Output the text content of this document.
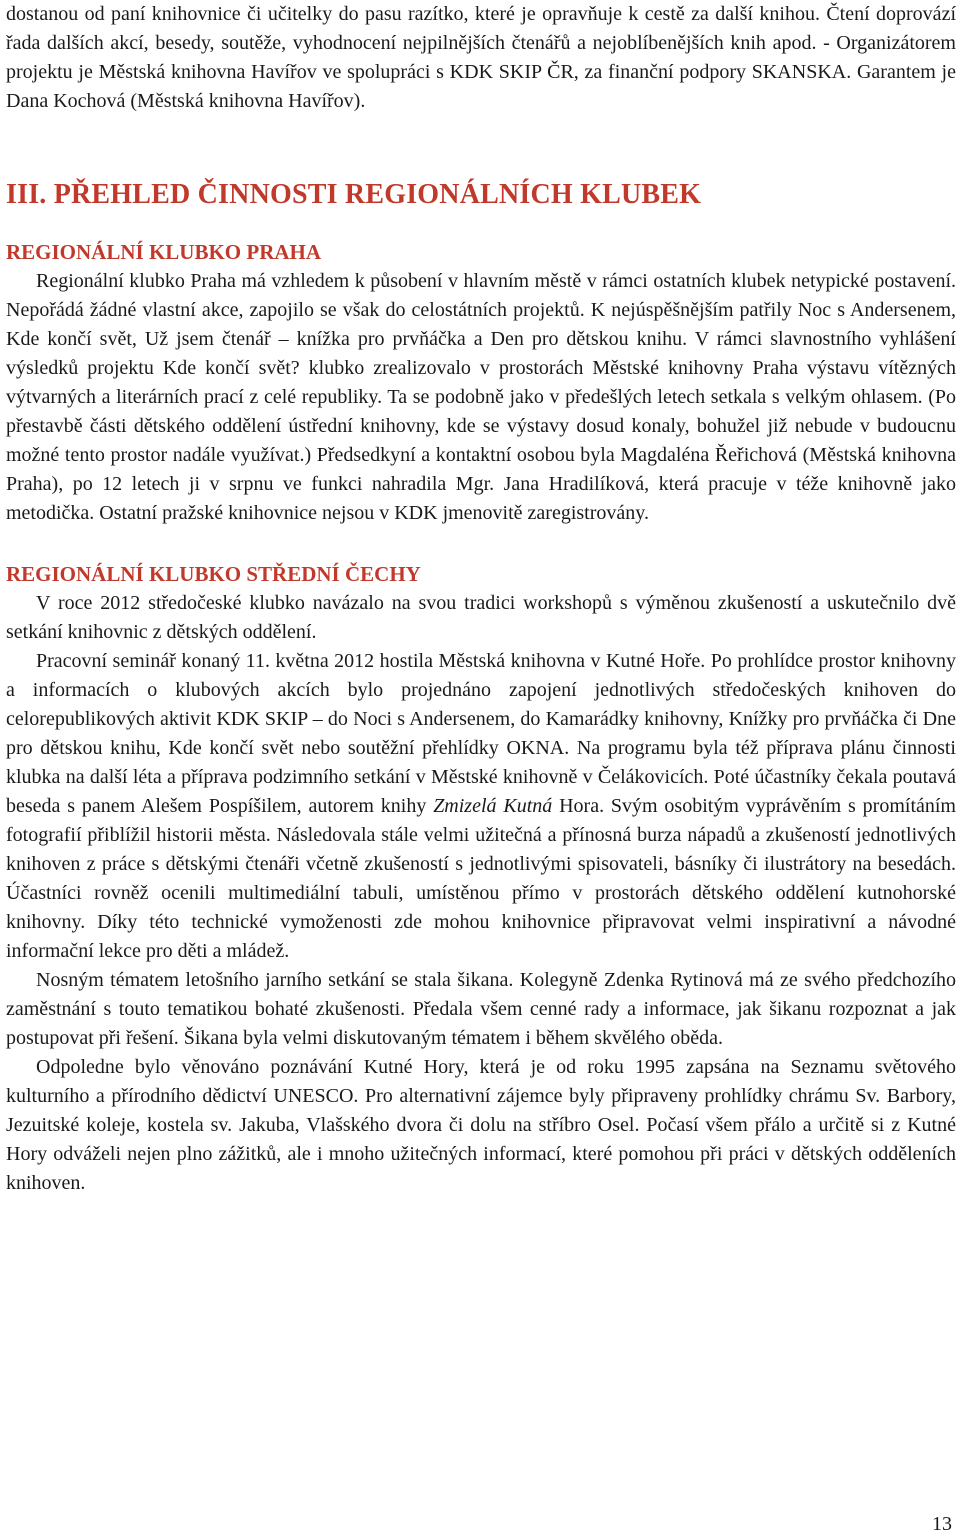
dostanou od paní knihovnice či učitelky do pasu razítko, které je opravňuje k cestě za další knihou. Čtení doprovází řada dalších akcí, besedy, soutěže, vyhodnocení nejpilnějších čtenářů a nejoblíbenějších knih apod. - Organizátorem projektu je Městská knihovna Havířov ve spolupráci s KDK SKIP ČR, za finanční podpory SKANSKA. Garantem je Dana Kochová (Městská knihovna Havířov).

III. PŘEHLED ČINNOSTI REGIONÁLNÍCH KLUBEK
REGIONÁLNÍ KLUBKO PRAHA

Regionální klubko Praha má vzhledem k působení v hlavním městě v rámci ostatních klubek netypické postavení. Nepořádá žádné vlastní akce, zapojilo se však do celostátních projektů. K nejúspěšnějším patřily Noc s Andersenem, Kde končí svět, Už jsem čtenář – knížka pro prvňáčka a Den pro dětskou knihu. V rámci slavnostního vyhlášení výsledků projektu Kde končí svět? klubko zrealizovalo v prostorách Městské knihovny Praha výstavu vítězných výtvarných a literárních prací z celé republiky. Ta se podobně jako v předešlých letech setkala s velkým ohlasem. (Po přestavbě části dětského oddělení ústřední knihovny, kde se výstavy dosud konaly, bohužel již nebude v budoucnu možné tento prostor nadále využívat.) Předsedkyní a kontaktní osobou byla Magdaléna Řeřichová (Městská knihovna Praha), po 12 letech ji v srpnu ve funkci nahradila Mgr. Jana Hradilíková, která pracuje v téže knihovně jako metodička. Ostatní pražské knihovnice nejsou v KDK jmenovitě zaregistrovány.

REGIONÁLNÍ KLUBKO STŘEDNÍ ČECHY

V roce 2012 středočeské klubko navázalo na svou tradici workshopů s výměnou zkušeností a uskutečnilo dvě setkání knihovnic z dětských oddělení.

Pracovní seminář konaný 11. května 2012 hostila Městská knihovna v Kutné Hoře. Po prohlídce prostor knihovny a informacích o klubových akcích bylo projednáno zapojení jednotlivých středočeských knihoven do celorepublikových aktivit KDK SKIP – do Noci s Andersenem, do Kamarádky knihovny, Knížky pro prvňáčka či Dne pro dětskou knihu, Kde končí svět nebo soutěžní přehlídky OKNA. Na programu byla též příprava plánu činnosti klubka na další léta a příprava podzimního setkání v Městské knihovně v Čelákovicích. Poté účastníky čekala poutavá beseda s panem Alešem Pospíšilem, autorem knihy Zmizelá Kutná Hora. Svým osobitým vyprávěním s promítáním fotografií přiblížil historii města. Následovala stále velmi užitečná a přínosná burza nápadů a zkušeností jednotlivých knihoven z práce s dětskými čtenáři včetně zkušeností s jednotlivými spisovateli, básníky či ilustrátory na besedách. Účastníci rovněž ocenili multimediální tabuli, umístěnou přímo v prostorách dětského oddělení kutnohorské knihovny. Díky této technické vymoženosti zde mohou knihovnice připravovat velmi inspirativní a návodné informační lekce pro děti a mládež.

Nosným tématem letošního jarního setkání se stala šikana. Kolegyně Zdenka Rytinová má ze svého předchozího zaměstnání s touto tematikou bohaté zkušenosti. Předala všem cenné rady a informace, jak šikanu rozpoznat a jak postupovat při řešení. Šikana byla velmi diskutovaným tématem i během skvělého oběda.

Odpoledne bylo věnováno poznávání Kutné Hory, která je od roku 1995 zapsána na Seznamu světového kulturního a přírodního dědictví UNESCO. Pro alternativní zájemce byly připraveny prohlídky chrámu Sv. Barbory, Jezuitské koleje, kostela sv. Jakuba, Vlašského dvora či dolu na stříbro Osel. Počasí všem přálo a určitě si z Kutné Hory odváželi nejen plno zážitků, ale i mnoho užitečných informací, které pomohou při práci v dětských odděleních knihoven.

13
